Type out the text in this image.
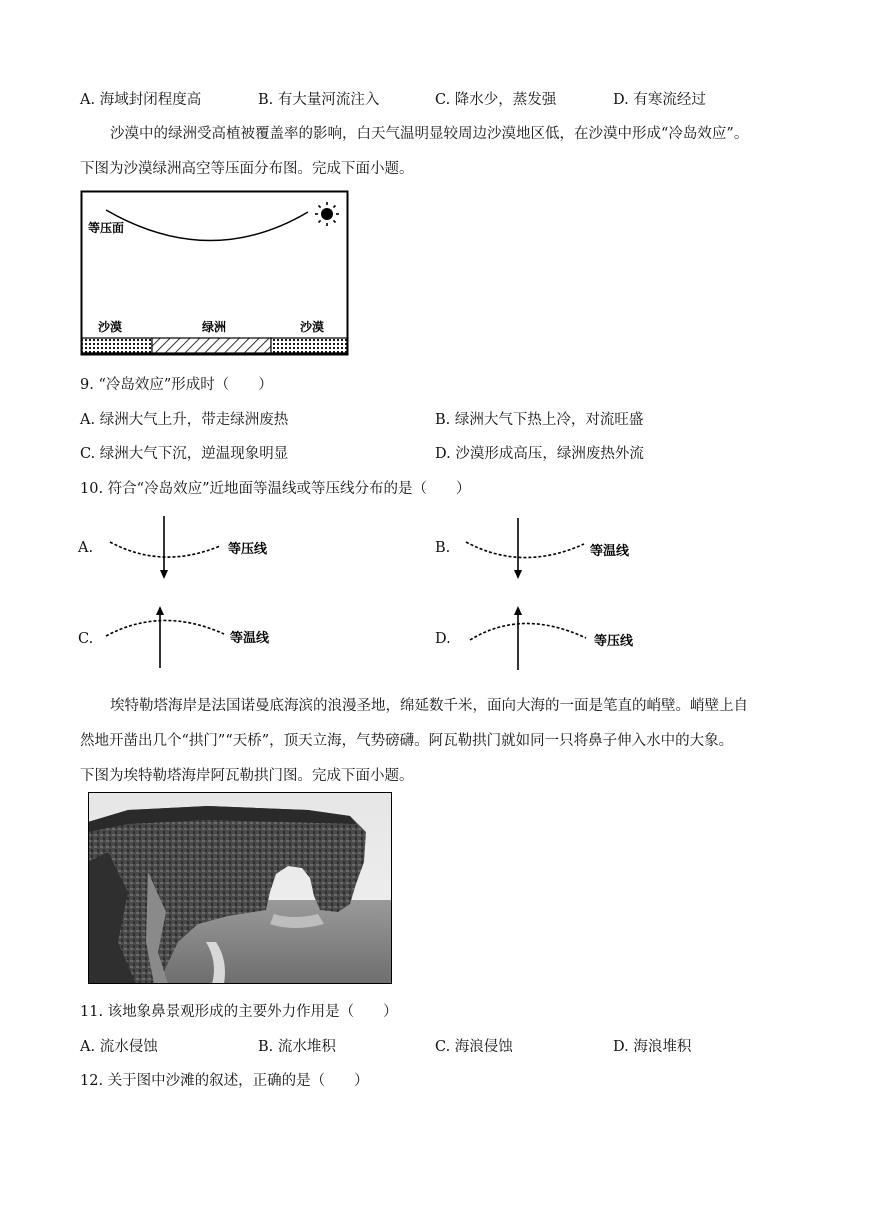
A. 海域封闭程度高	B. 有大量河流注入	C. 降水少，蒸发强	D. 有寒流经过
沙漠中的绿洲受高植被覆盖率的影响，白天气温明显较周边沙漠地区低，在沙漠中形成“冷岛效应”。
下图为沙漠绿洲高空等压面分布图。完成下面小题。
等压面
沙漠	绿洲	沙漠
9. “冷岛效应”形成时（　　）
A. 绿洲大气上升，带走绿洲废热	B. 绿洲大气下热上冷，对流旺盛
C. 绿洲大气下沉，逆温现象明显	D. 沙漠形成高压，绿洲废热外流
10. 符合“冷岛效应”近地面等温线或等压线分布的是（　　）
A.	等压线	B.	等温线
C.	等温线	D.	等压线
埃特勒塔海岸是法国诺曼底海滨的浪漫圣地，绵延数千米，面向大海的一面是笔直的峭壁。峭壁上自
然地开凿出几个“拱门”“天桥”，顶天立海，气势磅礴。阿瓦勒拱门就如同一只将鼻子伸入水中的大象。
下图为埃特勒塔海岸阿瓦勒拱门图。完成下面小题。
11. 该地象鼻景观形成的主要外力作用是（　　）
A. 流水侵蚀	B. 流水堆积	C. 海浪侵蚀	D. 海浪堆积
12. 关于图中沙滩的叙述，正确的是（　　）
